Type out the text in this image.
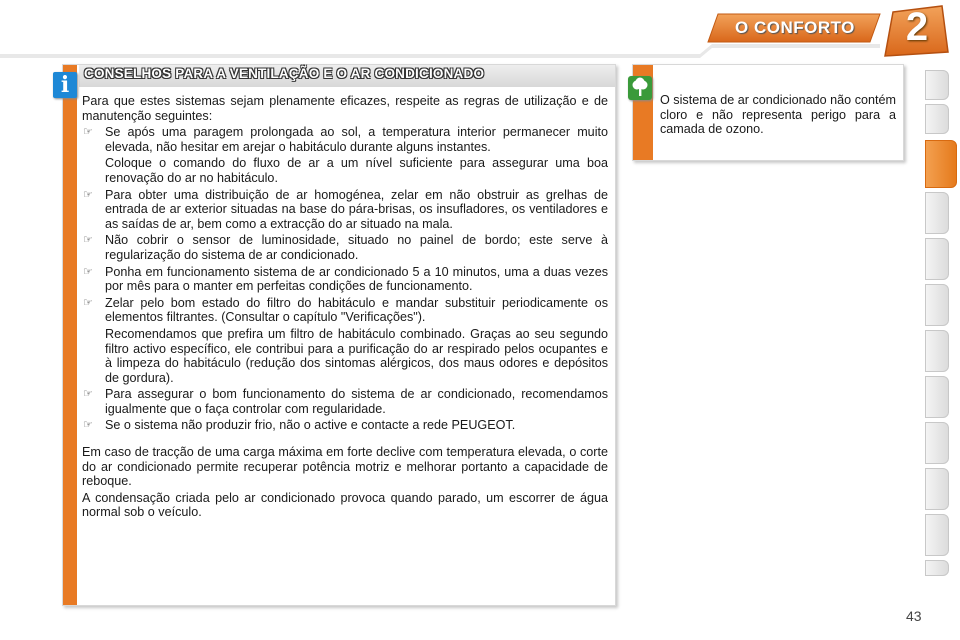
O CONFORTO	2
i	CONSELHOS PARA A VENTILAÇÃO E O AR CONDICIONADO

Para que estes sistemas sejam plenamente eficazes, respeite as regras de utilização e de manutenção seguintes:

☞ Se após uma paragem prolongada ao sol, a temperatura interior permanecer muito elevada, não hesitar em arejar o habitáculo durante alguns instantes.
Coloque o comando do fluxo de ar a um nível suficiente para assegurar uma boa renovação do ar no habitáculo.
☞ Para obter uma distribuição de ar homogénea, zelar em não obstruir as grelhas de entrada de ar exterior situadas na base do pára-brisas, os insufladores, os ventiladores e as saídas de ar, bem como a extracção do ar situado na mala.
☞ Não cobrir o sensor de luminosidade, situado no painel de bordo; este serve à regularização do sistema de ar condicionado.
☞ Ponha em funcionamento sistema de ar condicionado 5 a 10 minutos, uma a duas vezes por mês para o manter em perfeitas condições de funcionamento.
☞ Zelar pelo bom estado do filtro do habitáculo e mandar substituir periodicamente os elementos filtrantes. (Consultar o capítulo "Verificações").
Recomendamos que prefira um filtro de habitáculo combinado. Graças ao seu segundo filtro activo específico, ele contribui para a purificação do ar respirado pelos ocupantes e à limpeza do habitáculo (redução dos sintomas alérgicos, dos maus odores e depósitos de gordura).
☞ Para assegurar o bom funcionamento do sistema de ar condicionado, recomendamos igualmente que o faça controlar com regularidade.
☞ Se o sistema não produzir frio, não o active e contacte a rede PEUGEOT.

Em caso de tracção de uma carga máxima em forte declive com temperatura elevada, o corte do ar condicionado permite recuperar potência motriz e melhorar portanto a capacidade de reboque.

A condensação criada pelo ar condicionado provoca quando parado, um escorrer de água normal sob o veículo.

O sistema de ar condicionado não contém cloro e não representa perigo para a camada de ozono.
43
